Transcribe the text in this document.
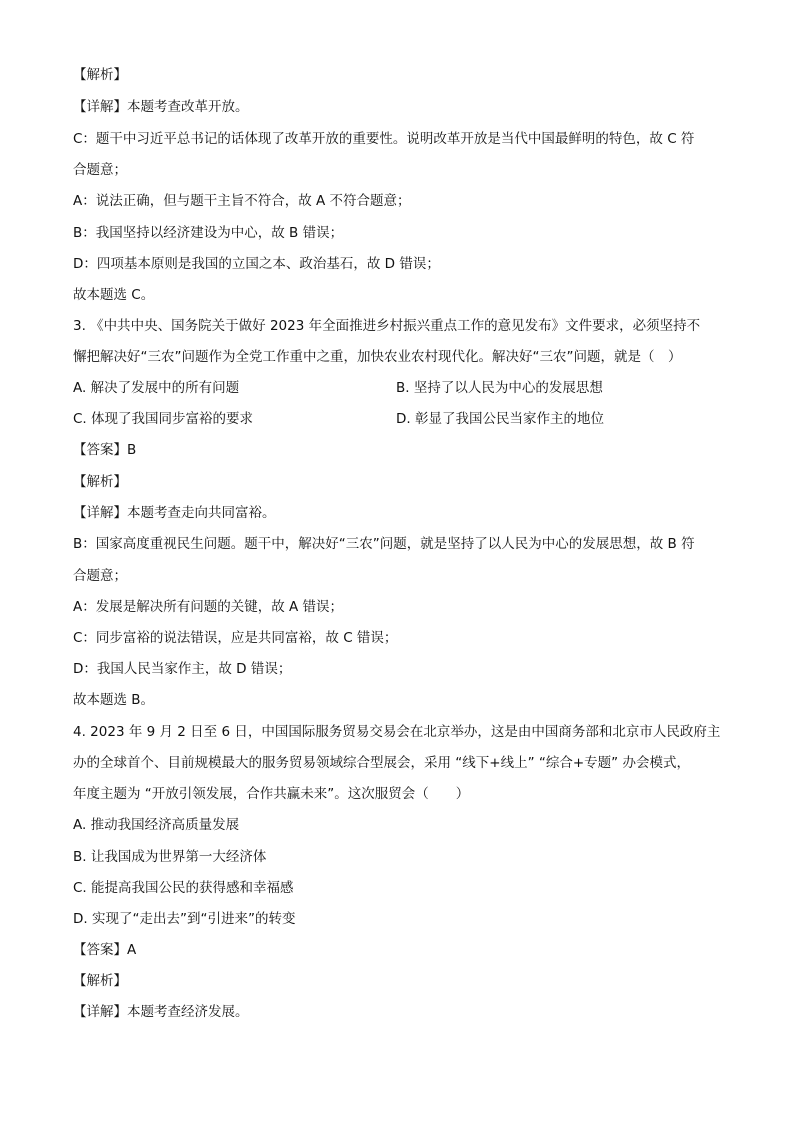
【解析】
【详解】本题考查改革开放。
C：题干中习近平总书记的话体现了改革开放的重要性。说明改革开放是当代中国最鲜明的特色，故 C 符
合题意；
A：说法正确，但与题干主旨不符合，故 A 不符合题意；
B：我国坚持以经济建设为中心，故 B 错误；
D：四项基本原则是我国的立国之本、政治基石，故 D 错误；
故本题选 C。
3. 《中共中央、国务院关于做好 2023 年全面推进乡村振兴重点工作的意见发布》文件要求，必须坚持不
懈把解决好“三农”问题作为全党工作重中之重，加快农业农村现代化。解决好“三农”问题，就是（　）
A. 解决了发展中的所有问题	B. 坚持了以人民为中心的发展思想
C. 体现了我国同步富裕的要求	D. 彰显了我国公民当家作主的地位
【答案】B
【解析】
【详解】本题考查走向共同富裕。
B：国家高度重视民生问题。题干中，解决好“三农”问题，就是坚持了以人民为中心的发展思想，故 B 符
合题意；
A：发展是解决所有问题的关键，故 A 错误；
C：同步富裕的说法错误，应是共同富裕，故 C 错误；
D：我国人民当家作主，故 D 错误；
故本题选 B。
4. 2023 年 9 月 2 日至 6 日，中国国际服务贸易交易会在北京举办，这是由中国商务部和北京市人民政府主
办的全球首个、目前规模最大的服务贸易领域综合型展会，采用 “线下+线上” “综合+专题” 办会模式，
年度主题为 “开放引领发展，合作共赢未来”。这次服贸会（　　）
A. 推动我国经济高质量发展
B. 让我国成为世界第一大经济体
C. 能提高我国公民的获得感和幸福感
D. 实现了“走出去”到“引进来”的转变
【答案】A
【解析】
【详解】本题考查经济发展。
